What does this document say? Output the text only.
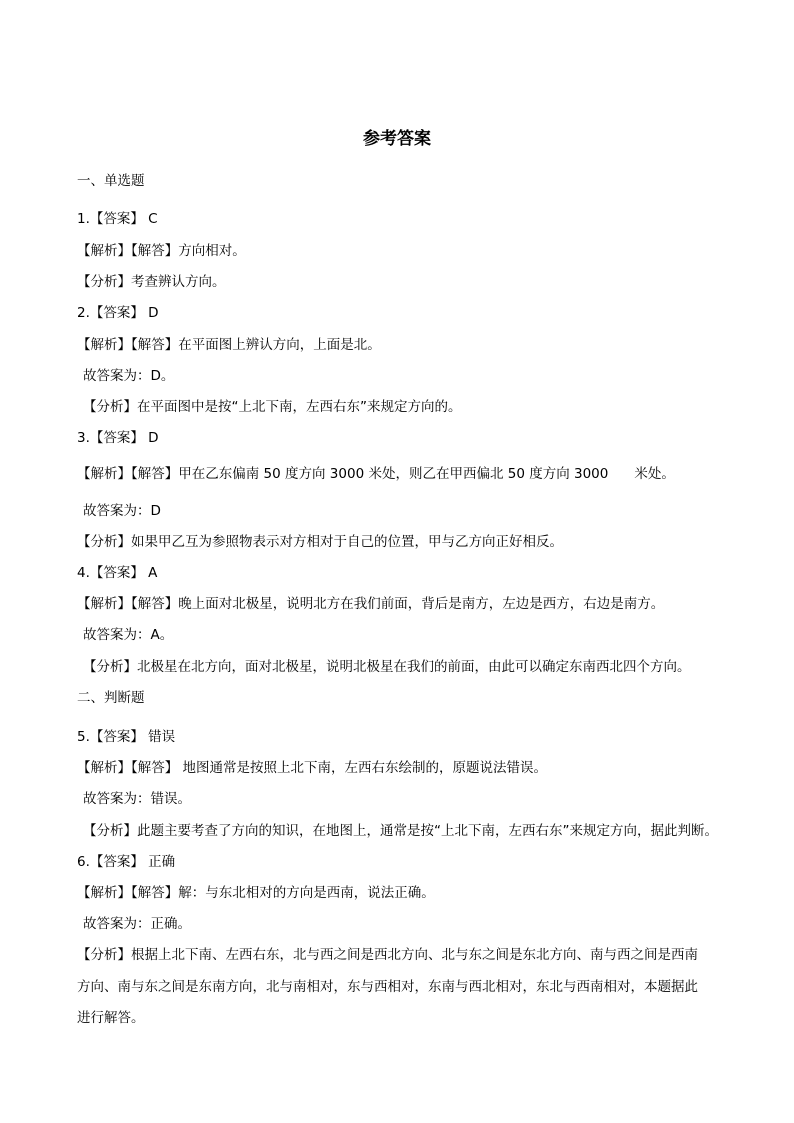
参考答案
一、单选题
1.【答案】 C
【解析】【解答】方向相对。
【分析】考查辨认方向。
2.【答案】 D
【解析】【解答】在平面图上辨认方向，上面是北。
故答案为：D。
【分析】在平面图中是按“上北下南，左西右东”来规定方向的。
3.【答案】 D
【解析】【解答】甲在乙东偏南 50 度方向 3000 米处，则乙在甲西偏北 50 度方向 3000 米处。
故答案为：D
【分析】如果甲乙互为参照物表示对方相对于自己的位置，甲与乙方向正好相反。
4.【答案】 A
【解析】【解答】晚上面对北极星，说明北方在我们前面，背后是南方，左边是西方，右边是南方。
故答案为：A。
【分析】北极星在北方向，面对北极星，说明北极星在我们的前面，由此可以确定东南西北四个方向。
二、判断题
5.【答案】 错误
【解析】【解答】 地图通常是按照上北下南，左西右东绘制的，原题说法错误。
故答案为：错误。
【分析】此题主要考查了方向的知识，在地图上，通常是按“上北下南，左西右东”来规定方向，据此判断。
6.【答案】 正确
【解析】【解答】解：与东北相对的方向是西南，说法正确。
故答案为：正确。
【分析】根据上北下南、左西右东，北与西之间是西北方向、北与东之间是东北方向、南与西之间是西南
方向、南与东之间是东南方向，北与南相对，东与西相对，东南与西北相对，东北与西南相对，本题据此
进行解答。
